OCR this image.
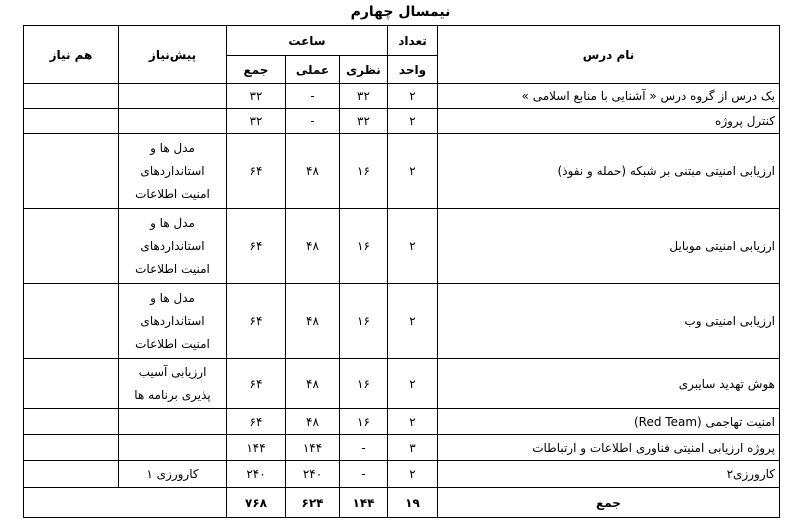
نیمسال چهارم
نام درس	تعداد	ساعت			پیش‌نیاز	هم نیاز
	واحد	نظری	عملی	جمع		
یک درس از گروه درس « آشنایی با منابع اسلامی »	۲	۳۲	-	۳۲		
کنترل پروژه	۲	۳۲	-	۳۲		
ارزیابی امنیتی مبتنی بر شبکه (حمله و نفوذ)	۲	۱۶	۴۸	۶۴	مدل ها و
استانداردهای
امنیت اطلاعات	

ارزیابی امنیتی موبایل	۲	۱۶	۴۸	۶۴	مدل ها و
استانداردهای
امنیت اطلاعات	

ارزیابی امنیتی وب	۲	۱۶	۴۸	۶۴	مدل ها و
استانداردهای
امنیت اطلاعات	

هوش تهدید سایبری	۲	۱۶	۴۸	۶۴	ارزیابی آسیب
پذیری برنامه ها	

امنیت تهاجمی (Red Team)	۲	۱۶	۴۸	۶۴		
پروژه ارزیابی امنیتی فناوری اطلاعات و ارتباطات	۳	-	۱۴۴	۱۴۴		
کارورزی۲	۲	-	۲۴۰	۲۴۰	کارورزی ۱	
جمع	۱۹	۱۴۴	۶۲۴	۷۶۸		
